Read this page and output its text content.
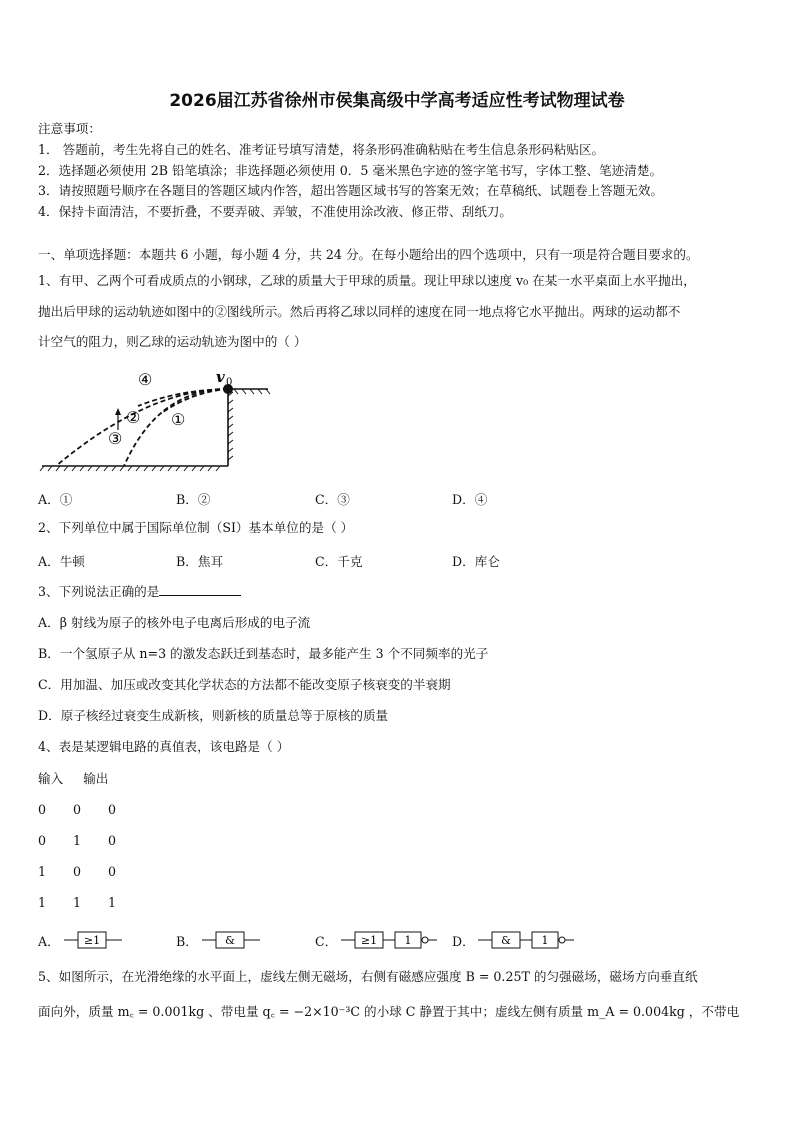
2026届江苏省徐州市侯集高级中学高考适应性考试物理试卷
注意事项：
1． 答题前，考生先将自己的姓名、准考证号填写清楚，将条形码准确粘贴在考生信息条形码粘贴区。
2．选择题必须使用 2B 铅笔填涂；非选择题必须使用 0．5 毫米黑色字迹的签字笔书写，字体工整、笔迹清楚。
3．请按照题号顺序在各题目的答题区域内作答，超出答题区域书写的答案无效；在草稿纸、试题卷上答题无效。
4．保持卡面清洁，不要折叠，不要弄破、弄皱，不准使用涂改液、修正带、刮纸刀。
一、单项选择题：本题共 6 小题，每小题 4 分，共 24 分。在每小题给出的四个选项中，只有一项是符合题目要求的。
1、有甲、乙两个可看成质点的小钢球，乙球的质量大于甲球的质量。现让甲球以速度 v₀ 在某一水平桌面上水平抛出，
抛出后甲球的运动轨迹如图中的②图线所示。然后再将乙球以同样的速度在同一地点将它水平抛出。两球的运动都不
计空气的阻力，则乙球的运动轨迹为图中的（ ）
v 0
④
② ①
③
A．①	B．②	C．③	D．④
2、下列单位中属于国际单位制（SI）基本单位的是（ ）
A．牛顿	B．焦耳	C．千克	D．库仑
3、下列说法正确的是
A．β 射线为原子的核外电子电离后形成的电子流
B．一个氢原子从 n=3 的激发态跃迁到基态时，最多能产生 3 个不同频率的光子
C．用加温、加压或改变其化学状态的方法都不能改变原子核衰变的半衰期
D．原子核经过衰变生成新核，则新核的质量总等于原核的质量
4、表是某逻辑电路的真值表，该电路是（ ）
输入 输出
0 0 0
0 1 0
1 0 0
1 1 1
A． ≥1	B． &	C． ≥1 1	D． &	1
5、如图所示，在光滑绝缘的水平面上，虚线左侧无磁场，右侧有磁感应强度 B = 0.25T 的匀强磁场，磁场方向垂直纸
面向外，质量 m꜀ = 0.001kg 、带电量 q꜀ = −2×10⁻³C 的小球 C 静置于其中；虚线左侧有质量 m_A = 0.004kg ，不带电
